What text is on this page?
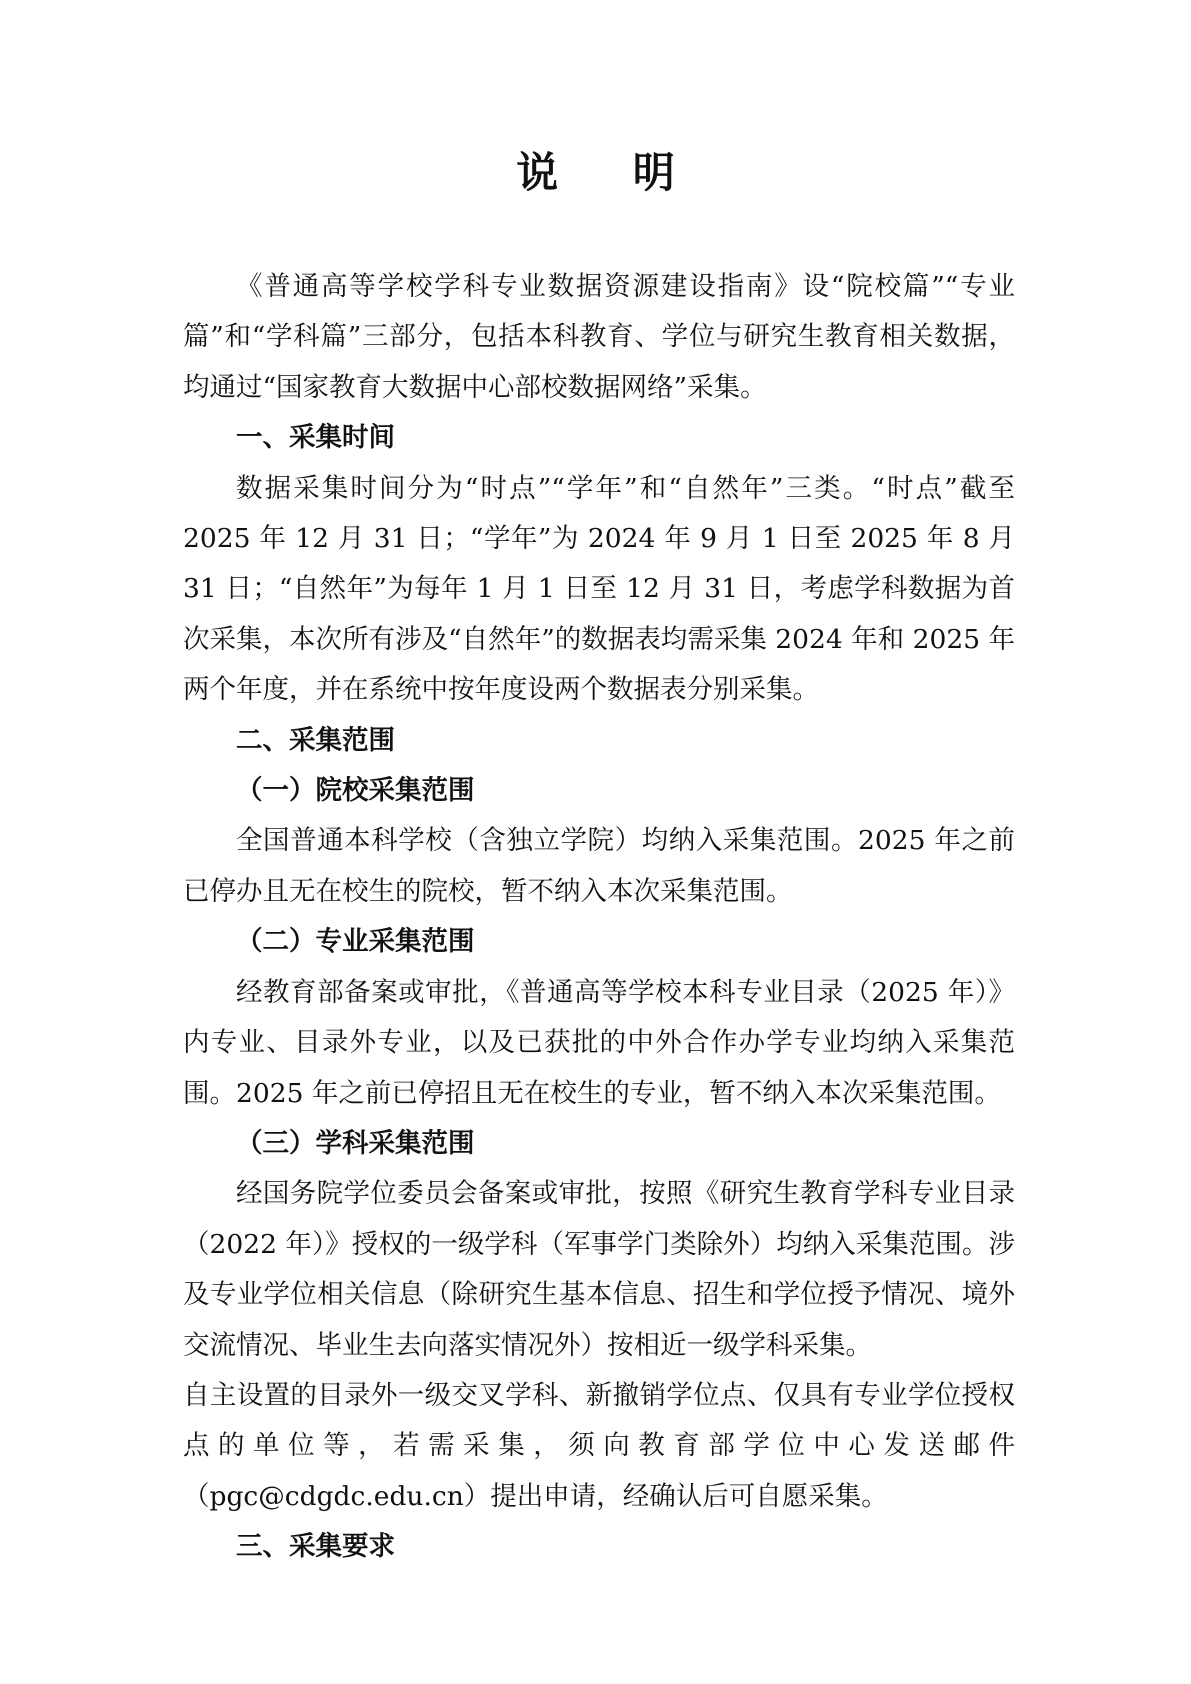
说 明

《普通高等学校学科专业数据资源建设指南》设“院校篇”“专业篇”和“学科篇”三部分，包括本科教育、学位与研究生教育相关数据，均通过“国家教育大数据中心部校数据网络”采集。

一、采集时间

数据采集时间分为“时点”“学年”和“自然年”三类。“时点”截至 2025 年 12 月 31 日；“学年”为 2024 年 9 月 1 日至 2025 年 8 月 31 日；“自然年”为每年 1 月 1 日至 12 月 31 日，考虑学科数据为首次采集，本次所有涉及“自然年”的数据表均需采集 2024 年和 2025 年两个年度，并在系统中按年度设两个数据表分别采集。

二、采集范围

（一）院校采集范围

全国普通本科学校（含独立学院）均纳入采集范围。2025 年之前已停办且无在校生的院校，暂不纳入本次采集范围。

（二）专业采集范围

经教育部备案或审批，《普通高等学校本科专业目录（2025 年）》内专业、目录外专业，以及已获批的中外合作办学专业均纳入采集范围。2025 年之前已停招且无在校生的专业，暂不纳入本次采集范围。

（三）学科采集范围

经国务院学位委员会备案或审批，按照《研究生教育学科专业目录（2022 年）》授权的一级学科（军事学门类除外）均纳入采集范围。涉及专业学位相关信息（除研究生基本信息、招生和学位授予情况、境外交流情况、毕业生去向落实情况外）按相近一级学科采集。

自主设置的目录外一级交叉学科、新撤销学位点、仅具有专业学位授权点的单位等，若需采集，须向教育部学位中心发送邮件（pgc@cdgdc.edu.cn）提出申请，经确认后可自愿采集。

三、采集要求
